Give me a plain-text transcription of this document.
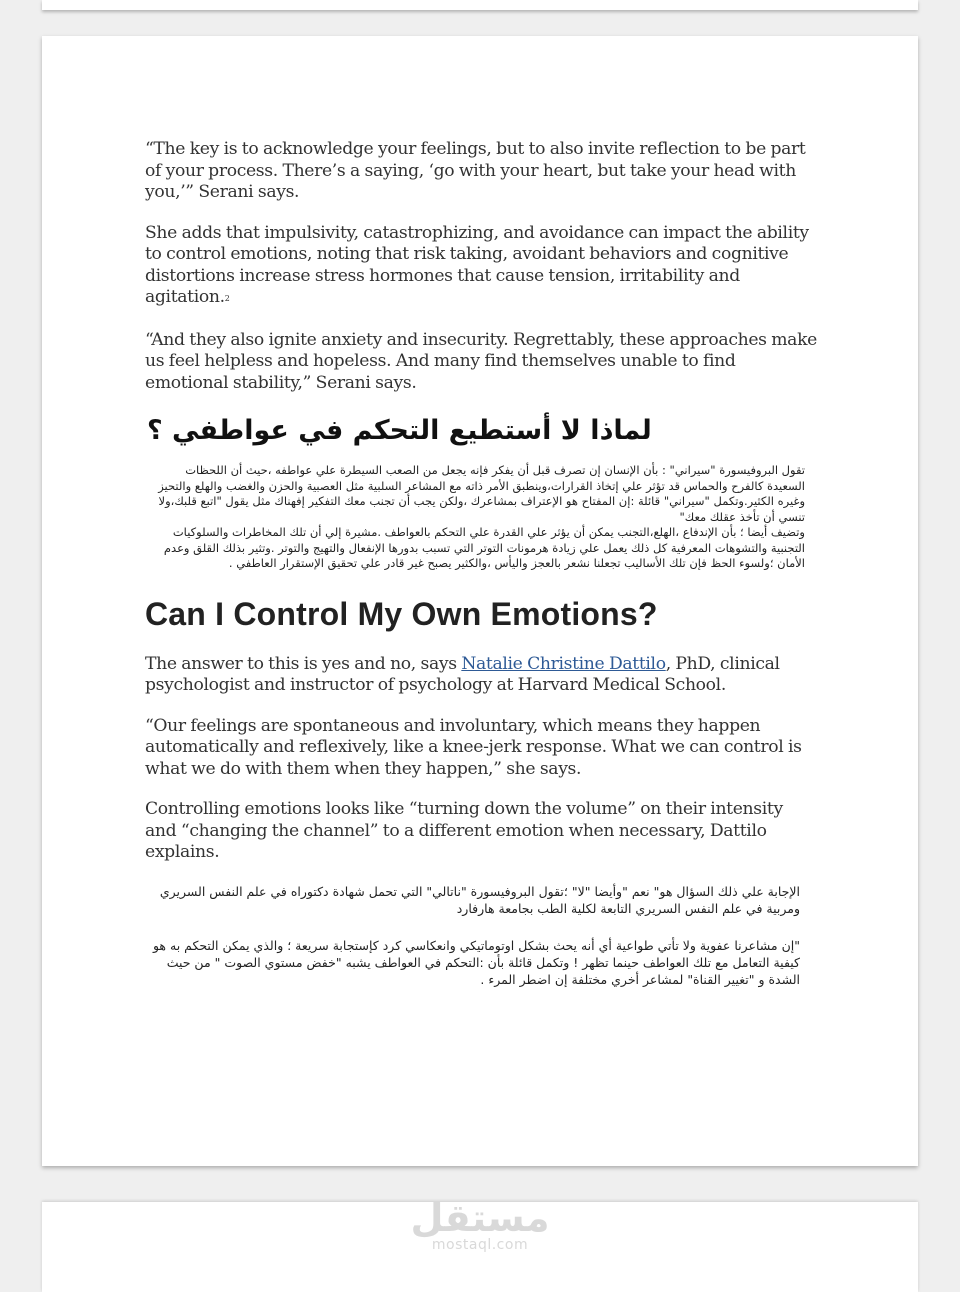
“The key is to acknowledge your feelings, but to also invite reflection to be part of your process. There’s a saying, ‘go with your heart, but take your head with you,’” Serani says.

She adds that impulsivity, catastrophizing, and avoidance can impact the ability to control emotions, noting that risk taking, avoidant behaviors and cognitive distortions increase stress hormones that cause tension, irritability and agitation.2

“And they also ignite anxiety and insecurity. Regrettably, these approaches make us feel helpless and hopeless. And many find themselves unable to find emotional stability,” Serani says.

لماذا لا أستطيع التحكم في عواطفي ؟

تقول البروفيسورة "سيراني" : بأن الإنسان إن تصرف قبل أن يفكر فإنه يجعل من الصعب السيطرة علي عواطفه ،حيث أن اللحظات السعيدة كالفرح والحماس قد تؤثر علي إتخاذ القرارات،وينطبق الأمر ذاته مع المشاعر السلبية مثل العصبية والحزن والغضب والهلع والتحيز وغيره الكثير.وتكمل "سيراني" قائلة :إن المفتاح هو الإعتراف بمشاعرك ،ولكن يجب أن تجنب معك التفكير إفهناك مثل يقول "اتبع قلبك،ولا تنسي أن تأخذ عقلك معك"

وتضيف أيضا ؛ بأن الإندفاع ،الهلع،التجنب يمكن أن يؤثر علي القدرة علي التحكم بالعواطف .مشيرة إلي أن تلك المخاطرات والسلوكيات التجنبية والتشوهات المعرفية كل ذلك يعمل علي زيادة هرمونات التوتر التي تسبب بدورها الإنفعال والتهيج والتوتر .وتثير بذلك القلق وعدم الأمان ؛ولسوء الحظ فإن تلك الأساليب تجعلنا نشعر بالعجز واليأس ،والكثير يصبح غير قادر علي تحقيق الإستقرار العاطفي .

Can I Control My Own Emotions?

The answer to this is yes and no, says Natalie Christine Dattilo, PhD, clinical psychologist and instructor of psychology at Harvard Medical School.

“Our feelings are spontaneous and involuntary, which means they happen automatically and reflexively, like a knee-jerk response. What we can control is what we do with them when they happen,” she says.

Controlling emotions looks like “turning down the volume” on their intensity and “changing the channel” to a different emotion when necessary, Dattilo explains.

الإجابة علي ذلك السؤال هو" نعم "وأيضا "لا" ؛تقول البروفيسورة "ناتالي" التي تحمل شهادة دكتوراه في علم النفس السريري ومربية في علم النفس السريري التابعة لكلية الطب بجامعة هارفارد

"إن مشاعرنا عفوية ولا تأتي طواعية أي أنه يحث بشكل اوتوماتيكي وانعكاسي كرد كإستجابة سريعة ؛ والذي يمكن التحكم به هو كيفية التعامل مع تلك العواطف حينما تظهر ! وتكمل قائلة بأن :التحكم في العواطف يشبه "خفض مستوي الصوت " من حيث الشدة و "تغيير القناة" لمشاعر أخري مختلفة إن اضطر المرء .

مستقل
mostaql.com
